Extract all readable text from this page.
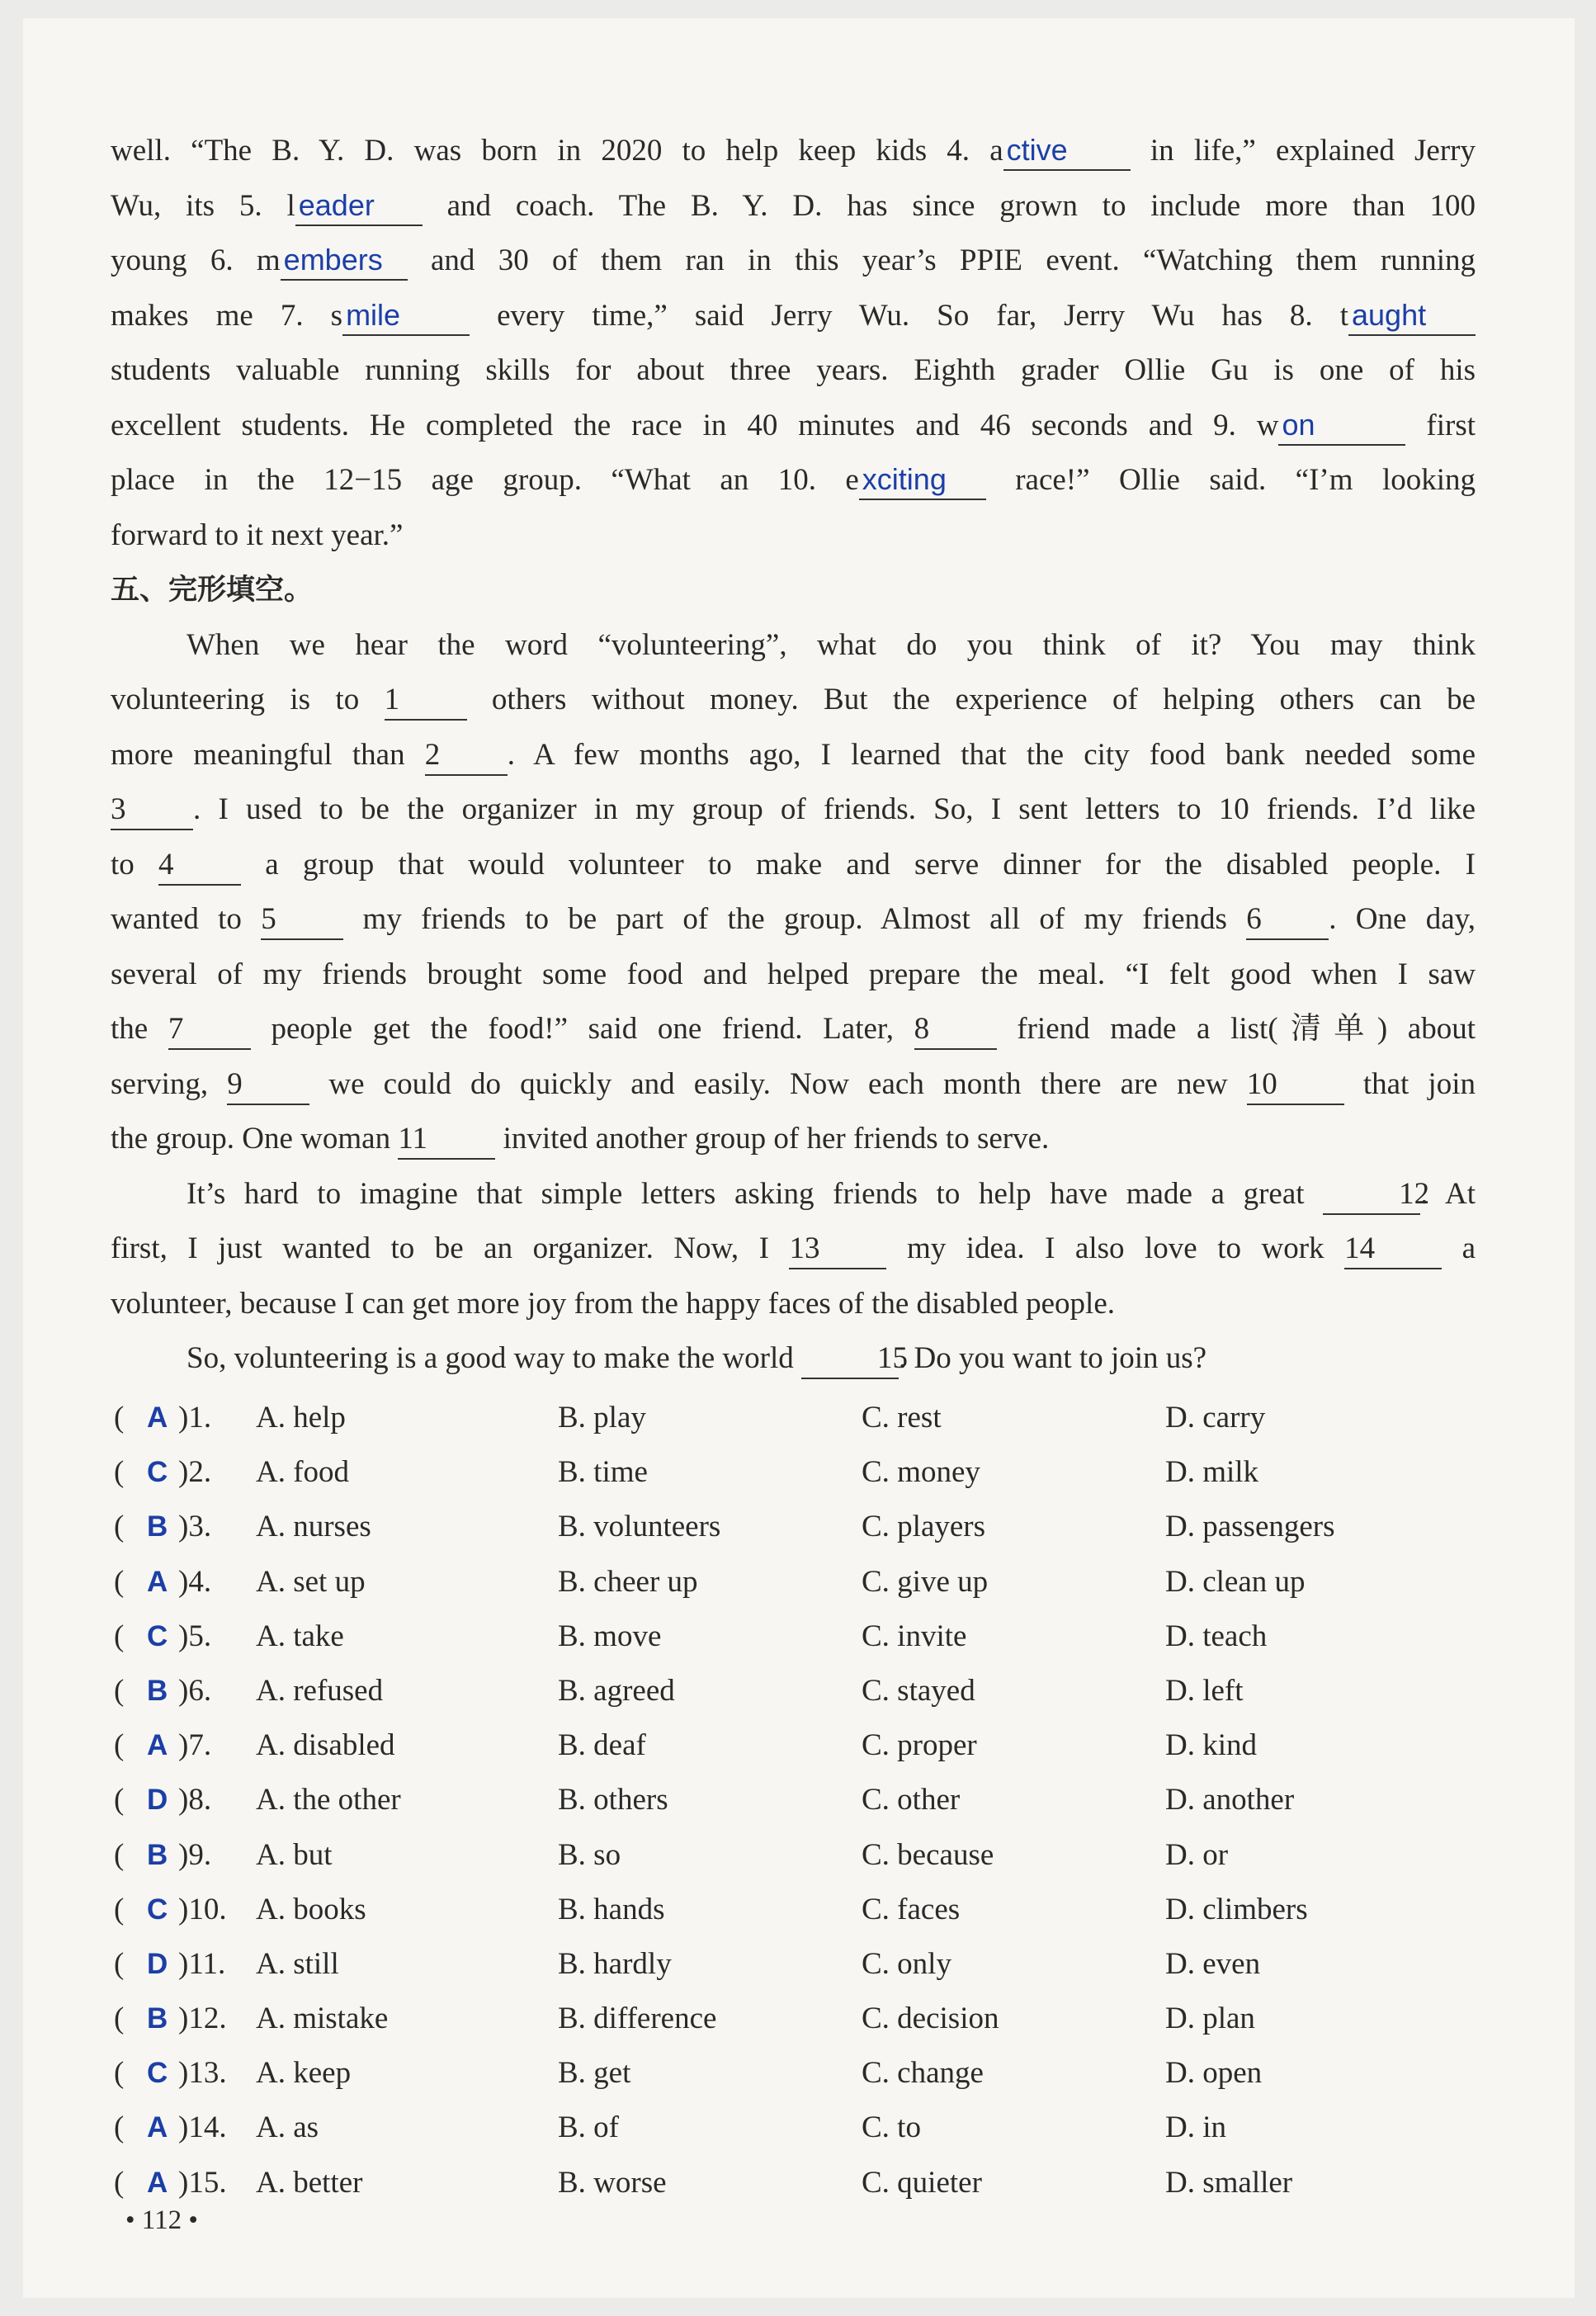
well. “The B. Y. D. was born in 2020 to help keep kids 4. a ctive in life,” explained Jerry

Wu, its 5. l eader and coach. The B. Y. D. has since grown to include more than 100

young 6. m embers and 30 of them ran in this year’s PPIE event. “Watching them running

makes me 7. s mile every time,” said Jerry Wu. So far, Jerry Wu has 8. t aught

students valuable running skills for about three years. Eighth grader Ollie Gu is one of his

excellent students. He completed the race in 40 minutes and 46 seconds and 9. w on	first

place in the 12−15 age group. “What an 10. e xciting race!” Ollie said. “I’m looking

forward to it next year.”

五、完形填空。

When we hear the word “volunteering”, what do you think of it? You may think

volunteering is to 1 others without money. But the experience of helping others can be

more meaningful than 2 . A few months ago, I learned that the city food bank needed some

3 . I used to be the organizer in my group of friends. So, I sent letters to 10 friends. I’d like

to 4 a group that would volunteer to make and serve dinner for the disabled people. I

wanted to 5 my friends to be part of the group. Almost all of my friends 6 . One day,

several of my friends brought some food and helped prepare the meal. “I felt good when I saw

the 7 people get the food!” said one friend. Later, 8 friend made a list(清单) about

serving, 9 we could do quickly and easily. Now each month there are new 10 that join

the group. One woman 11 invited another group of her friends to serve.

It’s hard to imagine that simple letters asking friends to help have made a great 12. At

first, I just wanted to be an organizer. Now, I 13 my idea. I also love to work 14 a

volunteer, because I can get more joy from the happy faces of the disabled people.

So, volunteering is a good way to make the world 15. Do you want to join us?

( A )1. A. help	B. play	C. rest	D. carry
( C )2. A. food	B. time	C. money	D. milk
( B )3. A. nurses	B. volunteers	C. players	D. passengers
( A )4. A. set up	B. cheer up	C. give up	D. clean up
( C )5. A. take	B. move	C. invite	D. teach
( B )6. A. refused	B. agreed	C. stayed	D. left
( A )7. A. disabled	B. deaf	C. proper	D. kind
( D )8. A. the other	B. others	C. other	D. another
( B )9. A. but	B. so	C. because	D. or
( C )10. A. books	B. hands	C. faces	D. climbers
( D )11. A. still	B. hardly	C. only	D. even
( B )12. A. mistake	B. difference	C. decision	D. plan
( C )13. A. keep	B. get	C. change	D. open
( A )14. A. as	B. of	C. to	D. in
( A )15. A. better	B. worse	C. quieter	D. smaller
• 112 •
